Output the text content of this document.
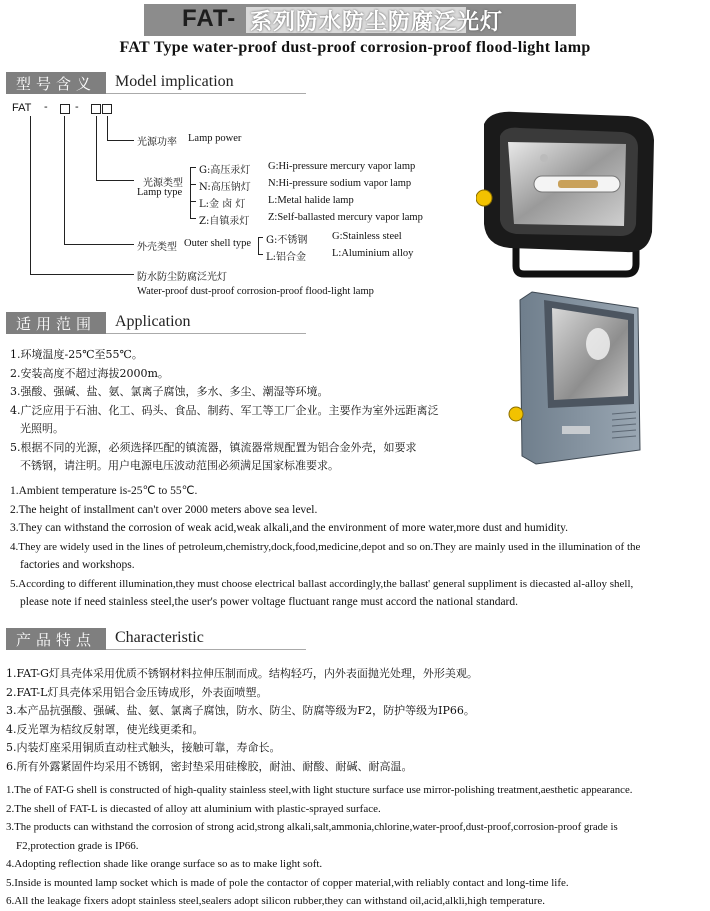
FAT- 系列防水防尘防腐泛光灯
FAT Type water-proof dust-proof corrosion-proof flood-light lamp
型号含义 Model implication
FAT - -
光源功率 Lamp power
光源类型
Lamp type
G:高压汞灯 G:Hi-pressure mercury vapor lamp
N:高压钠灯 N:Hi-pressure sodium vapor lamp
L:金 卤 灯 L:Metal halide lamp
Z:自镇汞灯 Z:Self-ballasted mercury vapor lamp
外壳类型 Outer shell type G:不锈钢 G:Stainless steel
L:铝合金 L:Aluminium alloy
防水防尘防腐泛光灯
Water-proof dust-proof corrosion-proof flood-light lamp
适用范围 Application

1.环境温度-25℃至55℃。

2.安装高度不超过海拔2000m。

3.强酸、强碱、盐、氨、氯离子腐蚀，多水、多尘、潮湿等环境。

4.广泛应用于石油、化工、码头、食品、制药、军工等工厂企业。主要作为室外远距离泛

光照明。

5.根据不同的光源，必须选择匹配的镇流器，镇流器常规配置为铝合金外壳，如要求

不锈钢，请注明。用户电源电压波动范围必须满足国家标准要求。

1.Ambient temperature is-25℃ to 55℃.

2.The height of installment can't over 2000 meters above sea level.

3.They can withstand the corrosion of weak acid,weak alkali,and the environment of more water,more dust and humidity.

4.They are widely used in the lines of petroleum,chemistry,dock,food,medicine,depot and so on.They are mainly used in the illumination of the

factories and workshops.

5.According to different illumination,they must choose electrical ballast accordingly,the ballast' general suppliment is diecasted al-alloy shell,

please note if need stainless steel,the user's power voltage fluctuant range must accord the national standard.

产品特点 Characteristic

1.FAT-G灯具壳体采用优质不锈钢材料拉伸压制而成。结构轻巧，内外表面抛光处理，外形美观。

2.FAT-L灯具壳体采用铝合金压铸成形，外表面喷塑。

3.本产品抗强酸、强碱、盐、氨、氯离子腐蚀，防水、防尘、防腐等级为F2，防护等级为IP66。

4.反光罩为桔纹反射罩，使光线更柔和。

5.内装灯座采用铜质直动柱式触头，接触可靠，寿命长。

6.所有外露紧固件均采用不锈钢，密封垫采用硅橡胶，耐油、耐酸、耐碱、耐高温。

1.The of FAT-G shell is constructed of high-quality stainless steel,with light stucture surface use mirror-polishing treatment,aesthetic appearance.

2.The shell of FAT-L is diecasted of alloy att aluminium with plastic-sprayed surface.

3.The products can withstand the corrosion of strong acid,strong alkali,salt,ammonia,chlorine,water-proof,dust-proof,corrosion-proof grade is

F2,protection grade is IP66.

4.Adopting reflection shade like orange surface so as to make light soft.

5.Inside is mounted lamp socket which is made of pole the contactor of copper material,with reliably contact and long-time life.

6.All the leakage fixers adopt stainless steel,sealers adopt silicon rubber,they can withstand oil,acid,alkli,high temperature.
